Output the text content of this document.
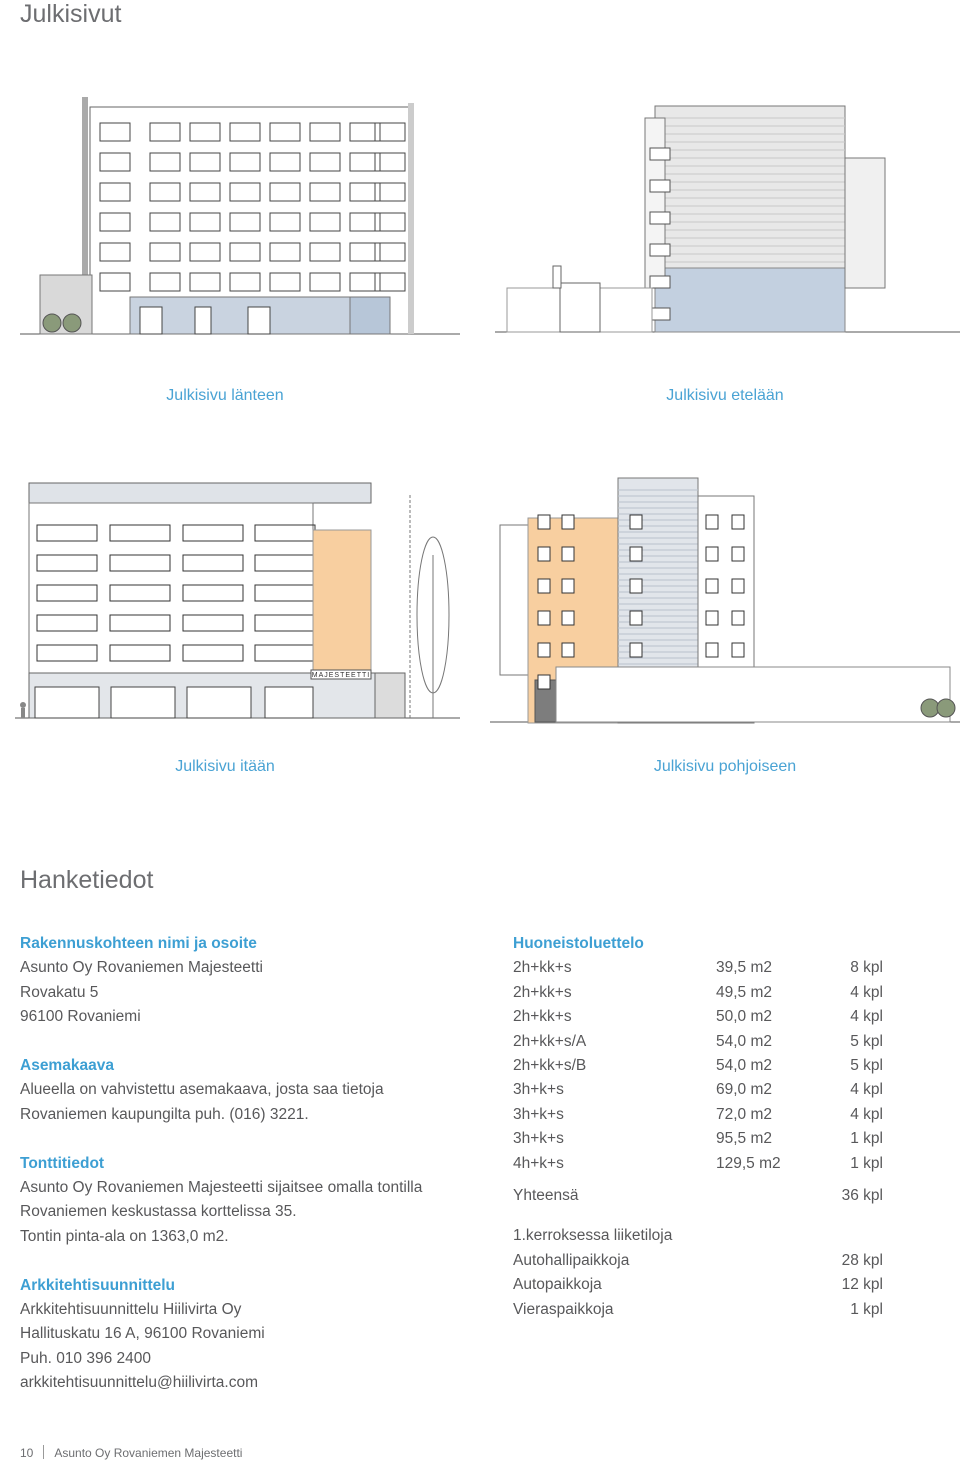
Julkisivut
Julkisivu länteen	Julkisivu etelään
MAJESTEETTI
Julkisivu itään	Julkisivu pohjoiseen
Hanketiedot

Rakennuskohteen nimi ja osoite

Asunto Oy Rovaniemen Majesteetti

Rovakatu 5

96100 Rovaniemi

Asemakaava

Alueella on vahvistettu asemakaava, josta saa tietoja

Rovaniemen kaupungilta puh. (016) 3221.

Tonttitiedot

Asunto Oy Rovaniemen Majesteetti sijaitsee omalla tontilla

Rovaniemen keskustassa korttelissa 35.

Tontin pinta-ala on 1363,0 m2.

Arkkitehtisuunnittelu

Arkkitehtisuunnittelu Hiilivirta Oy

Hallituskatu 16 A, 96100 Rovaniemi

Puh. 010 396 2400

arkkitehtisuunnittelu@hiilivirta.com

Huoneistoluettelo

2h+kk+s	39,5 m2	8 kpl
2h+kk+s	49,5 m2	4 kpl
2h+kk+s	50,0 m2	4 kpl
2h+kk+s/A	54,0 m2	5 kpl
2h+kk+s/B	54,0 m2	5 kpl
3h+k+s	69,0 m2	4 kpl
3h+k+s	72,0 m2	4 kpl
3h+k+s	95,5 m2	1 kpl
4h+k+s	129,5 m2	1 kpl
Yhteensä	36 kpl
1.kerroksessa liiketiloja
Autohallipaikkoja	28 kpl
Autopaikkoja	12 kpl
Vieraspaikkoja	1 kpl
10 Asunto Oy Rovaniemen Majesteetti
